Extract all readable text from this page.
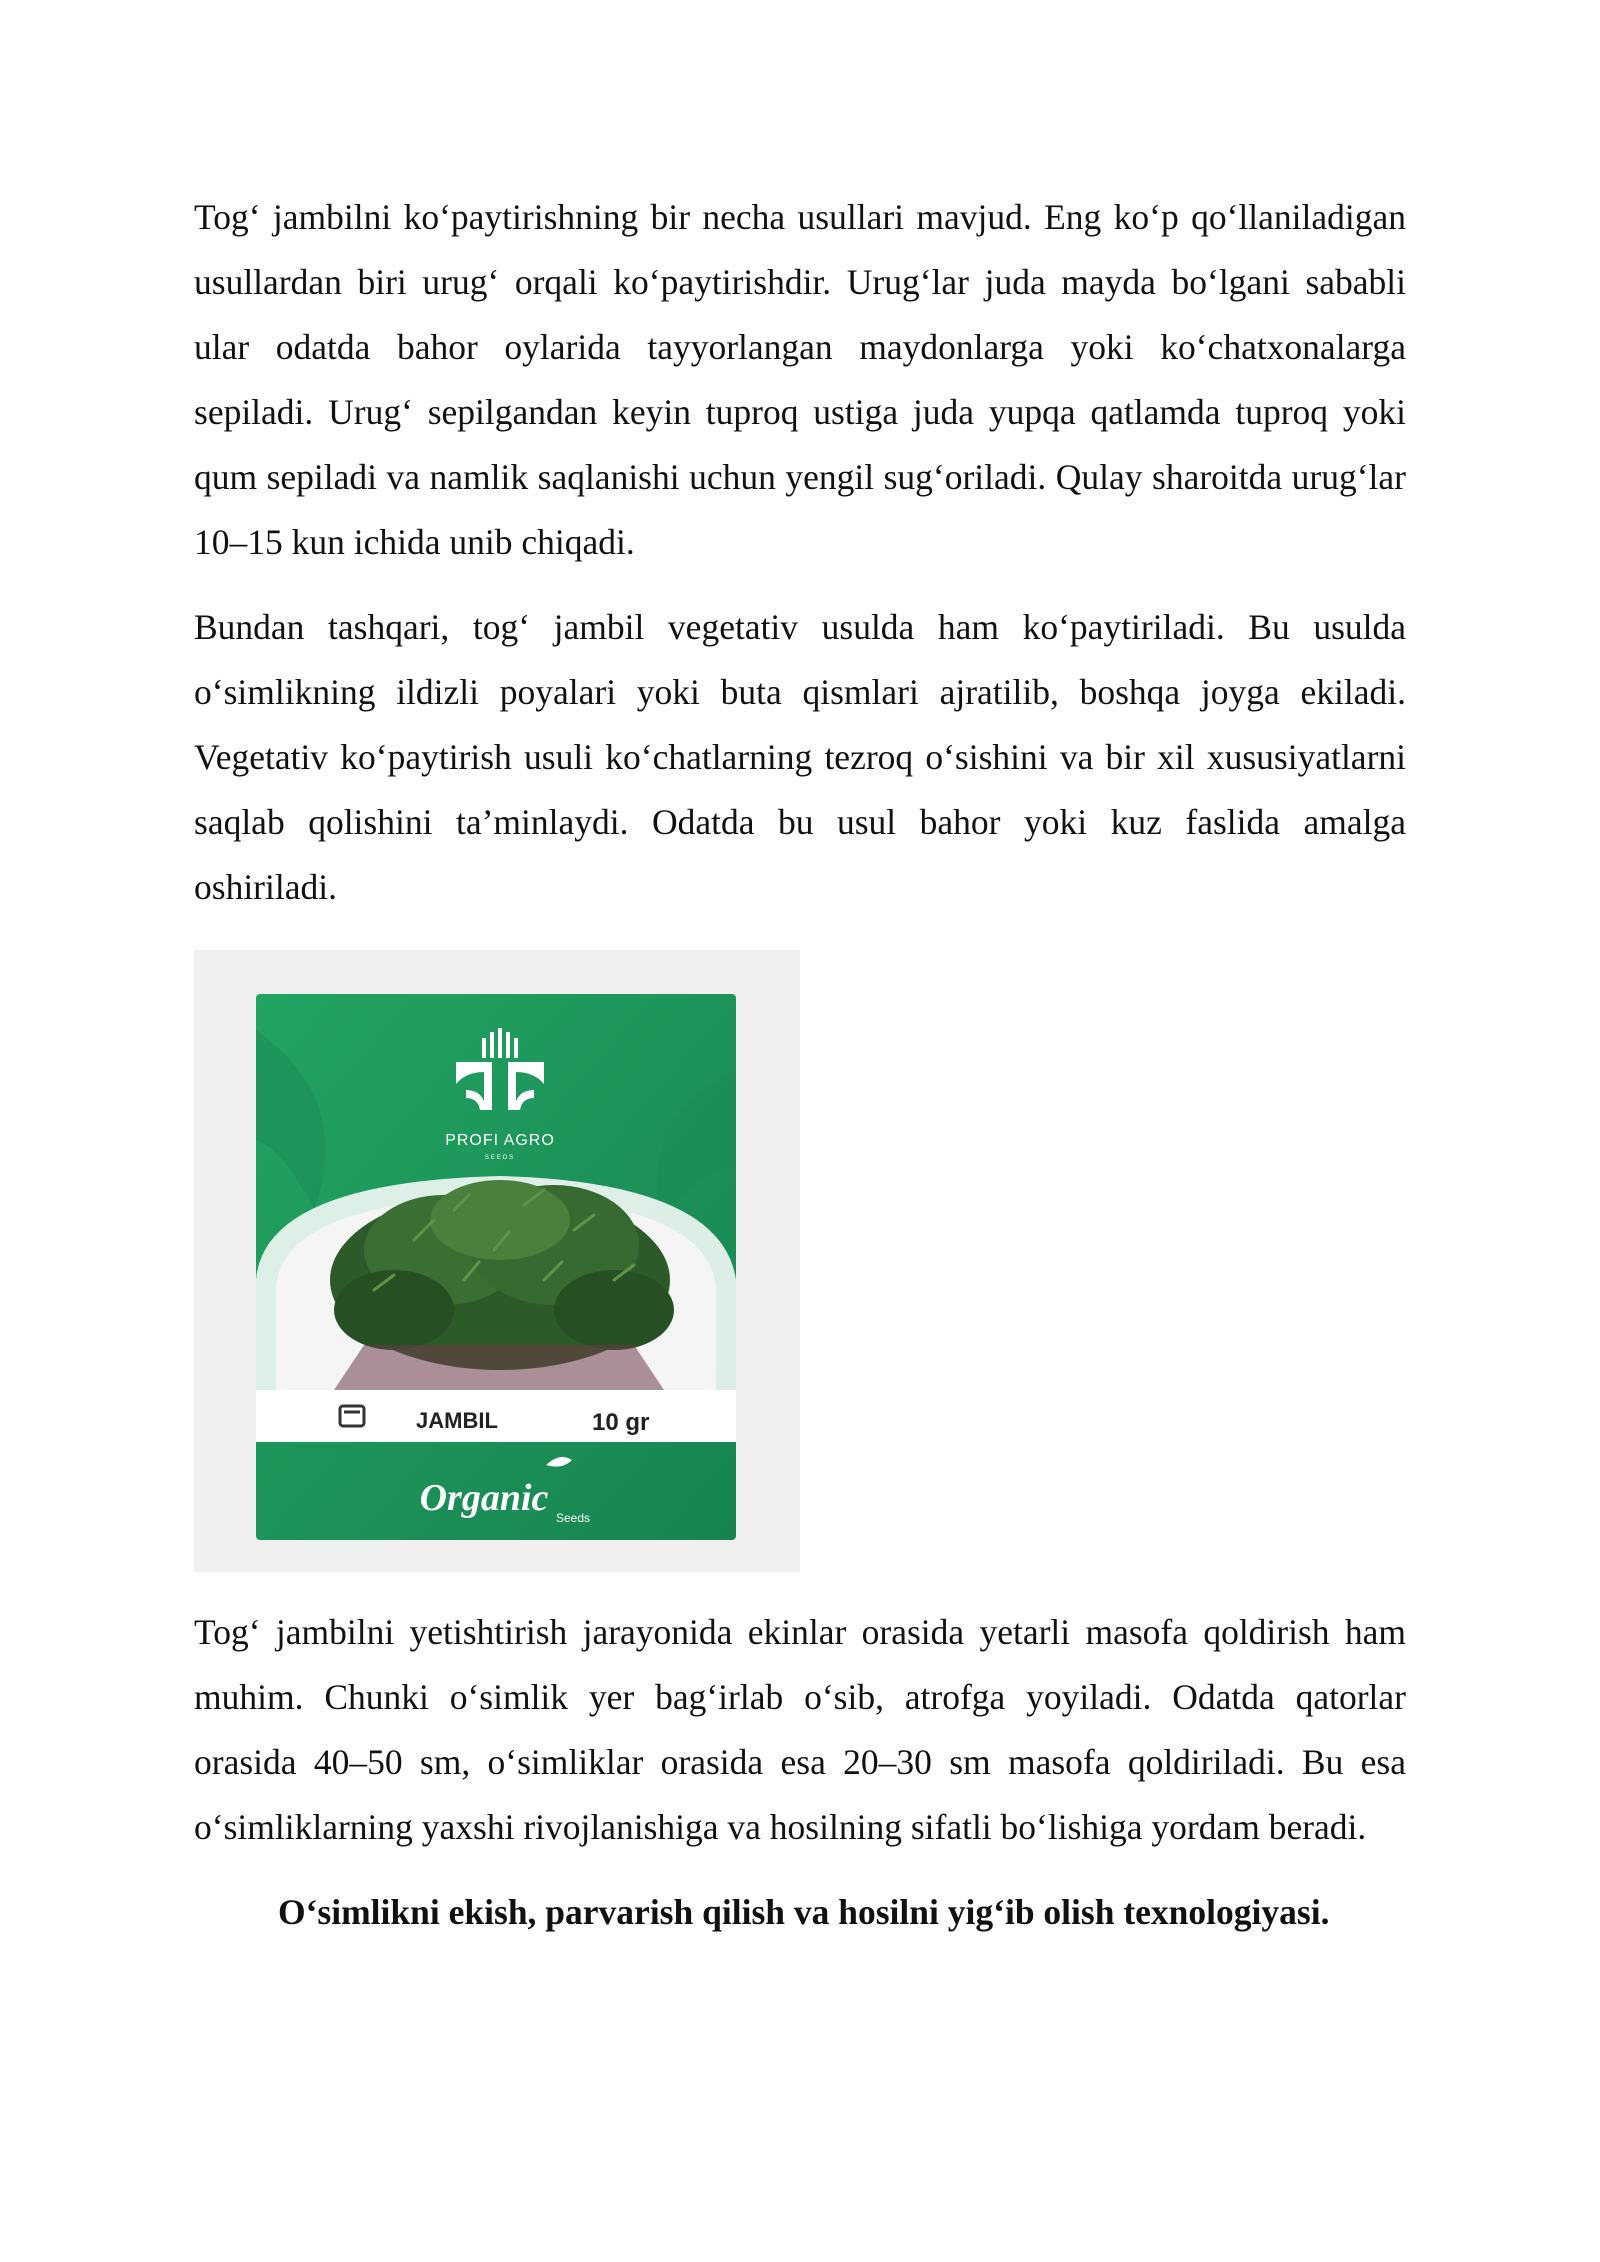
Tog‘ jambilni ko‘paytirishning bir necha usullari mavjud. Eng ko‘p qo‘llaniladigan usullardan biri urug‘ orqali ko‘paytirishdir. Urug‘lar juda mayda bo‘lgani sababli ular odatda bahor oylarida tayyorlangan maydonlarga yoki ko‘chatxonalarga sepiladi. Urug‘ sepilgandan keyin tuproq ustiga juda yupqa qatlamda tuproq yoki qum sepiladi va namlik saqlanishi uchun yengil sug‘oriladi. Qulay sharoitda urug‘lar 10–15 kun ichida unib chiqadi.

Bundan tashqari, tog‘ jambil vegetativ usulda ham ko‘paytiriladi. Bu usulda o‘simlikning ildizli poyalari yoki buta qismlari ajratilib, boshqa joyga ekiladi. Vegetativ ko‘paytirish usuli ko‘chatlarning tezroq o‘sishini va bir xil xususiyatlarni saqlab qolishini ta’minlaydi. Odatda bu usul bahor yoki kuz faslida amalga oshiriladi.

PROFI AGRO
SEEDS
JAMBIL	10 gr
Organic Seeds

Tog‘ jambilni yetishtirish jarayonida ekinlar orasida yetarli masofa qoldirish ham muhim. Chunki o‘simlik yer bag‘irlab o‘sib, atrofga yoyiladi. Odatda qatorlar orasida 40–50 sm, o‘simliklar orasida esa 20–30 sm masofa qoldiriladi. Bu esa o‘simliklarning yaxshi rivojlanishiga va hosilning sifatli bo‘lishiga yordam beradi.

O‘simlikni ekish, parvarish qilish va hosilni yig‘ib olish texnologiyasi.
